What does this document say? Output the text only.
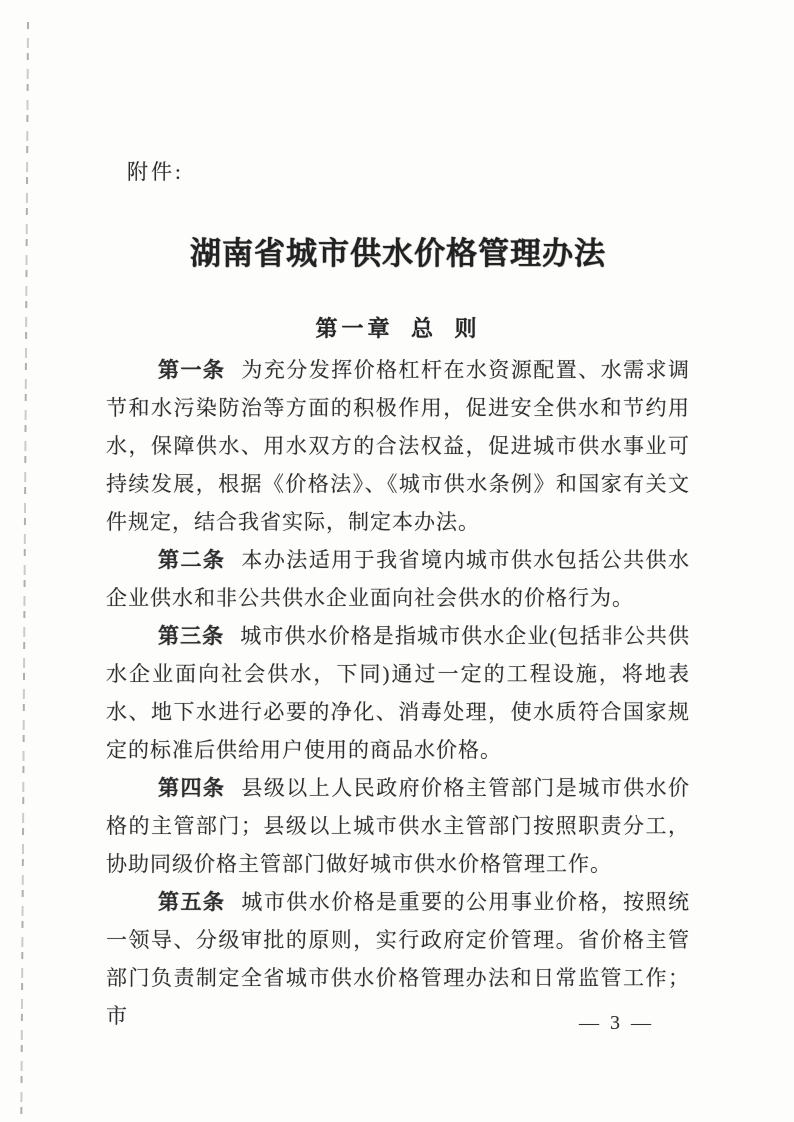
附件:
湖南省城市供水价格管理办法
第一章 总 则

第一条 为充分发挥价格杠杆在水资源配置、水需求调节和水污染防治等方面的积极作用，促进安全供水和节约用水，保障供水、用水双方的合法权益，促进城市供水事业可持续发展，根据《价格法》、《城市供水条例》和国家有关文件规定，结合我省实际，制定本办法。

第二条 本办法适用于我省境内城市供水包括公共供水企业供水和非公共供水企业面向社会供水的价格行为。

第三条 城市供水价格是指城市供水企业(包括非公共供水企业面向社会供水，下同)通过一定的工程设施，将地表水、地下水进行必要的净化、消毒处理，使水质符合国家规定的标准后供给用户使用的商品水价格。

第四条 县级以上人民政府价格主管部门是城市供水价格的主管部门；县级以上城市供水主管部门按照职责分工，协助同级价格主管部门做好城市供水价格管理工作。

第五条 城市供水价格是重要的公用事业价格，按照统一领导、分级审批的原则，实行政府定价管理。省价格主管部门负责制定全省城市供水价格管理办法和日常监管工作；市	— 3 —
